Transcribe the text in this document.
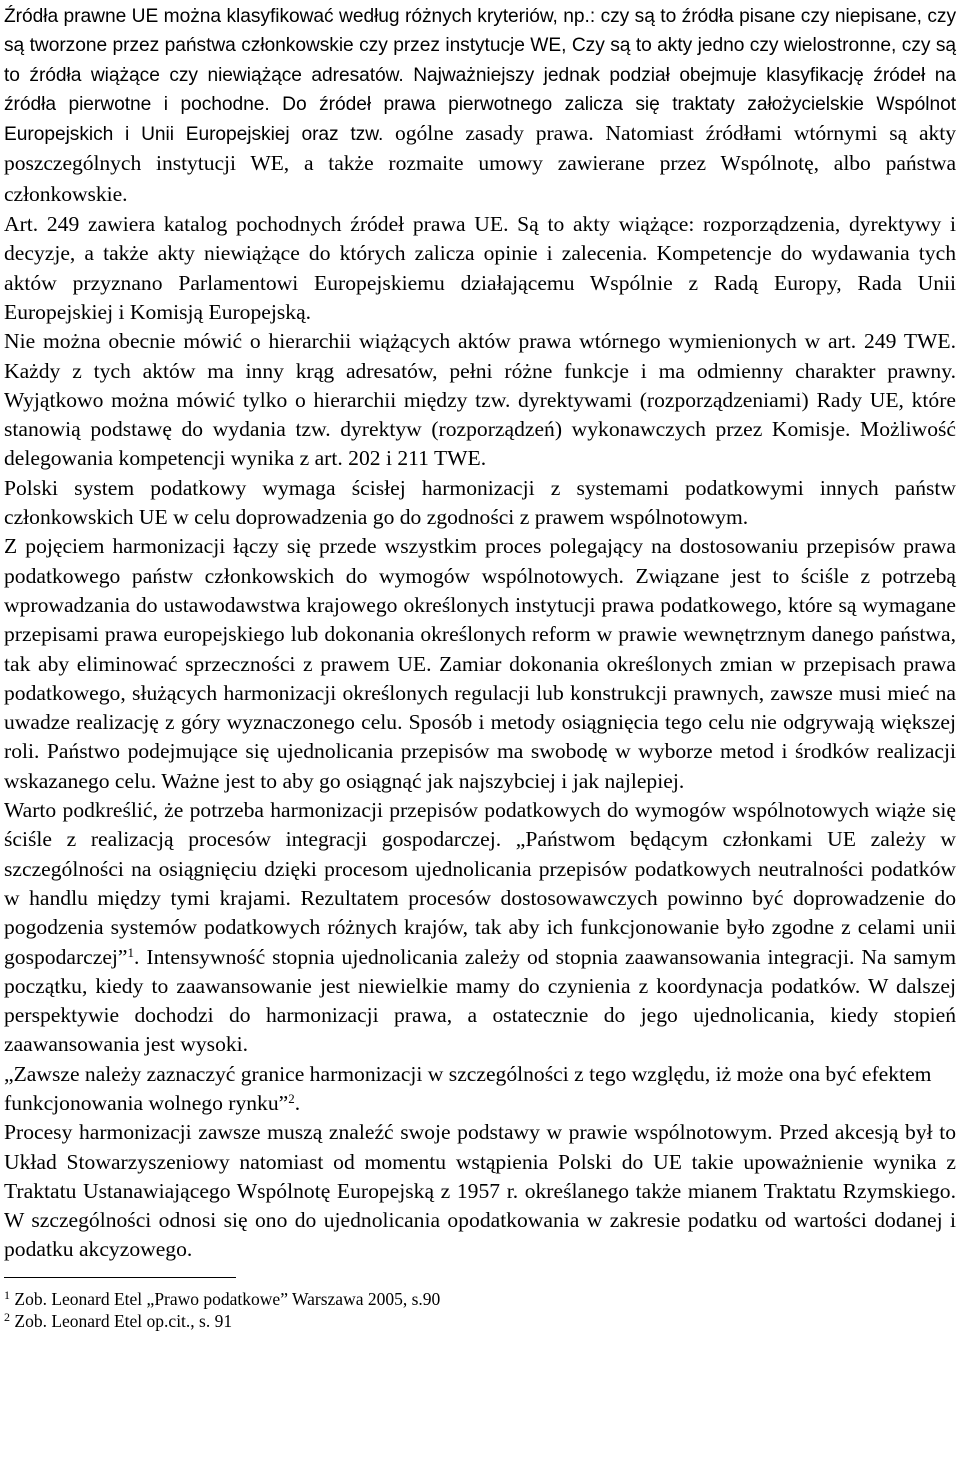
Źródła prawne UE można klasyfikować według różnych kryteriów, np.: czy są to źródła pisane czy niepisane, czy są tworzone przez państwa członkowskie czy przez instytucje WE, Czy są to akty jedno czy wielostronne, czy są to źródła wiążące czy niewiążące adresatów. Najważniejszy jednak podział obejmuje klasyfikację źródeł na źródła pierwotne i pochodne. Do źródeł prawa pierwotnego zalicza się traktaty założycielskie Wspólnot Europejskich i Unii Europejskiej oraz tzw. ogólne zasady prawa. Natomiast źródłami wtórnymi są akty poszczególnych instytucji WE, a także rozmaite umowy zawierane przez Wspólnotę, albo państwa członkowskie.

Art. 249 zawiera katalog pochodnych źródeł prawa UE. Są to akty wiążące: rozporządzenia, dyrektywy i decyzje, a także akty niewiążące do których zalicza opinie i zalecenia. Kompetencje do wydawania tych aktów przyznano Parlamentowi Europejskiemu działającemu Wspólnie z Radą Europy, Rada Unii Europejskiej i Komisją Europejską.

Nie można obecnie mówić o hierarchii wiążących aktów prawa wtórnego wymienionych w art. 249 TWE. Każdy z tych aktów ma inny krąg adresatów, pełni różne funkcje i ma odmienny charakter prawny. Wyjątkowo można mówić tylko o hierarchii między tzw. dyrektywami (rozporządzeniami) Rady UE, które stanowią podstawę do wydania tzw. dyrektyw (rozporządzeń) wykonawczych przez Komisje. Możliwość delegowania kompetencji wynika z art. 202 i 211 TWE.

Polski system podatkowy wymaga ścisłej harmonizacji z systemami podatkowymi innych państw członkowskich UE w celu doprowadzenia go do zgodności z prawem wspólnotowym.

Z pojęciem harmonizacji łączy się przede wszystkim proces polegający na dostosowaniu przepisów prawa podatkowego państw członkowskich do wymogów wspólnotowych. Związane jest to ściśle z potrzebą wprowadzania do ustawodawstwa krajowego określonych instytucji prawa podatkowego, które są wymagane przepisami prawa europejskiego lub dokonania określonych reform w prawie wewnętrznym danego państwa, tak aby eliminować sprzeczności z prawem UE. Zamiar dokonania określonych zmian w przepisach prawa podatkowego, służących harmonizacji określonych regulacji lub konstrukcji prawnych, zawsze musi mieć na uwadze realizację z góry wyznaczonego celu. Sposób i metody osiągnięcia tego celu nie odgrywają większej roli. Państwo podejmujące się ujednolicania przepisów ma swobodę w wyborze metod i środków realizacji wskazanego celu. Ważne jest to aby go osiągnąć jak najszybciej i jak najlepiej.

Warto podkreślić, że potrzeba harmonizacji przepisów podatkowych do wymogów wspólnotowych wiąże się ściśle z realizacją procesów integracji gospodarczej. „Państwom będącym członkami UE zależy w szczególności na osiągnięciu dzięki procesom ujednolicania przepisów podatkowych neutralności podatków w handlu między tymi krajami. Rezultatem procesów dostosowawczych powinno być doprowadzenie do pogodzenia systemów podatkowych różnych krajów, tak aby ich funkcjonowanie było zgodne z celami unii gospodarczej”$^1$. Intensywność stopnia ujednolicania zależy od stopnia zaawansowania integracji. Na samym początku, kiedy to zaawansowanie jest niewielkie mamy do czynienia z koordynacja podatków. W dalszej perspektywie dochodzi do harmonizacji prawa, a ostatecznie do jego ujednolicania, kiedy stopień zaawansowania jest wysoki.

„Zawsze należy zaznaczyć granice harmonizacji w szczególności z tego względu, iż może ona być efektem funkcjonowania wolnego rynku”$^2$.

Procesy harmonizacji zawsze muszą znaleźć swoje podstawy w prawie wspólnotowym. Przed akcesją był to Układ Stowarzyszeniowy natomiast od momentu wstąpienia Polski do UE takie upoważnienie wynika z Traktatu Ustanawiającego Wspólnotę Europejską z 1957 r. określanego także mianem Traktatu Rzymskiego. W szczególności odnosi się ono do ujednolicania opodatkowania w zakresie podatku od wartości dodanej i podatku akcyzowego.

$^1$ Zob. Leonard Etel „Prawo podatkowe” Warszawa 2005, s.90

$^2$ Zob. Leonard Etel op.cit., s. 91
